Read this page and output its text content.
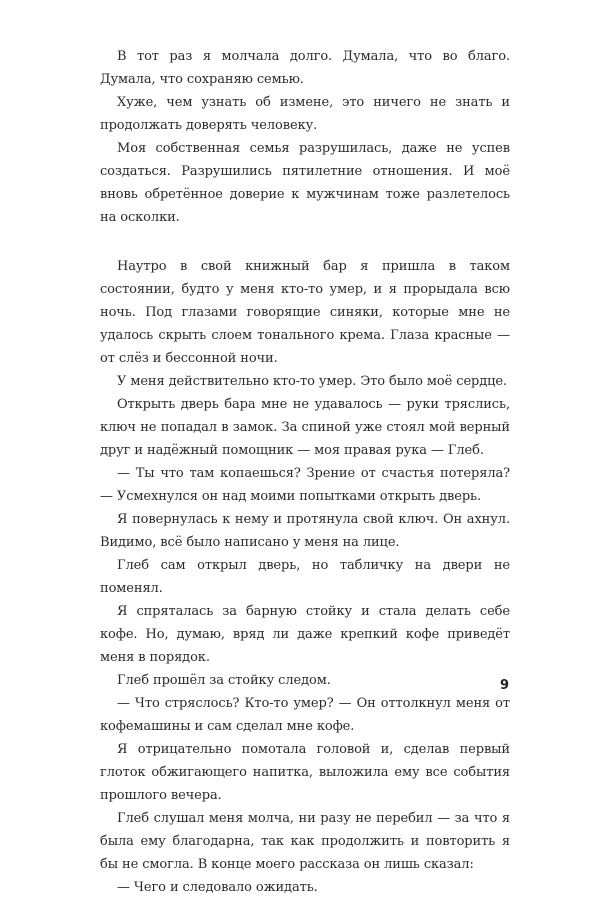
В тот раз я молчала долго. Думала, что во благо. Думала, что сохраняю семью.

Хуже, чем узнать об измене, это ничего не знать и продолжать доверять человеку.

Моя собственная семья разрушилась, даже не успев создаться. Разрушились пятилетние отношения. И моё вновь обретённое доверие к мужчинам тоже разлетелось на осколки.

Наутро в свой книжный бар я пришла в таком состоянии, будто у меня кто-то умер, и я прорыдала всю ночь. Под глазами говорящие синяки, которые мне не удалось скрыть слоем тонального крема. Глаза красные — от слёз и бессонной ночи.

У меня действительно кто-то умер. Это было моё сердце.

Открыть дверь бара мне не удавалось — руки тряслись, ключ не попадал в замок. За спиной уже стоял мой верный друг и надёжный помощник — моя правая рука — Глеб.

— Ты что там копаешься? Зрение от счастья потеряла? — Усмехнулся он над моими попытками открыть дверь.

Я повернулась к нему и протянула свой ключ. Он ахнул. Видимо, всё было написано у меня на лице.

Глеб сам открыл дверь, но табличку на двери не поменял.

Я спряталась за барную стойку и стала делать себе кофе. Но, думаю, вряд ли даже крепкий кофе приведёт меня в порядок.

Глеб прошёл за стойку следом.

— Что стряслось? Кто-то умер? — Он оттолкнул меня от кофемашины и сам сделал мне кофе.

Я отрицательно помотала головой и, сделав первый глоток обжигающего напитка, выложила ему все события прошлого вечера.

Глеб слушал меня молча, ни разу не перебил — за что я была ему благодарна, так как продолжить и повторить я бы не смогла. В конце моего рассказа он лишь сказал:

— Чего и следовало ожидать.

9
